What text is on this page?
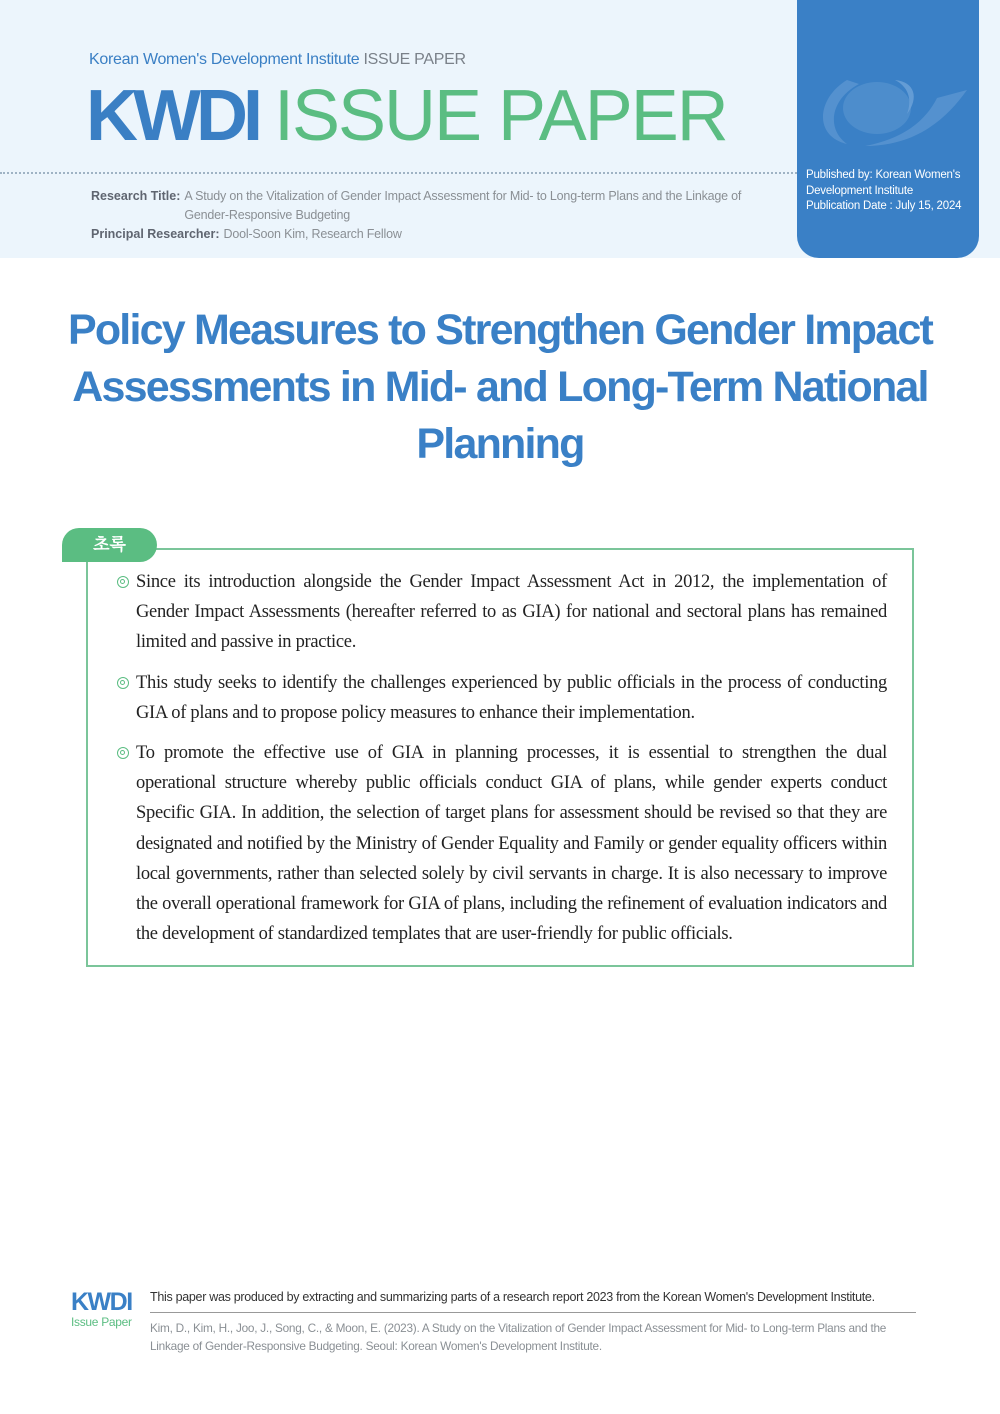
Korean Women's Development Institute ISSUE PAPER
KWDI ISSUE PAPER
Research Title: A Study on the Vitalization of Gender Impact Assessment for Mid- to Long-term Plans and the Linkage of Gender-Responsive Budgeting
Principal Researcher: Dool-Soon Kim, Research Fellow
Published by: Korean Women's Development Institute
Publication Date : July 15, 2024
Policy Measures to Strengthen Gender Impact Assessments in Mid- and Long-Term National Planning
초록
Since its introduction alongside the Gender Impact Assessment Act in 2012, the implementation of Gender Impact Assessments (hereafter referred to as GIA) for national and sectoral plans has remained limited and passive in practice.
This study seeks to identify the challenges experienced by public officials in the process of conducting GIA of plans and to propose policy measures to enhance their implementation.
To promote the effective use of GIA in planning processes, it is essential to strengthen the dual operational structure whereby public officials conduct GIA of plans, while gender experts conduct Specific GIA. In addition, the selection of target plans for assessment should be revised so that they are designated and notified by the Ministry of Gender Equality and Family or gender equality officers within local governments, rather than selected solely by civil servants in charge. It is also necessary to improve the overall operational framework for GIA of plans, including the refinement of evaluation indicators and the development of standardized templates that are user-friendly for public officials.
KWDI
Issue Paper
This paper was produced by extracting and summarizing parts of a research report 2023 from the Korean Women's Development Institute.
Kim, D., Kim, H., Joo, J., Song, C., & Moon, E. (2023). A Study on the Vitalization of Gender Impact Assessment for Mid- to Long-term Plans and the Linkage of Gender-Responsive Budgeting. Seoul: Korean Women's Development Institute.
